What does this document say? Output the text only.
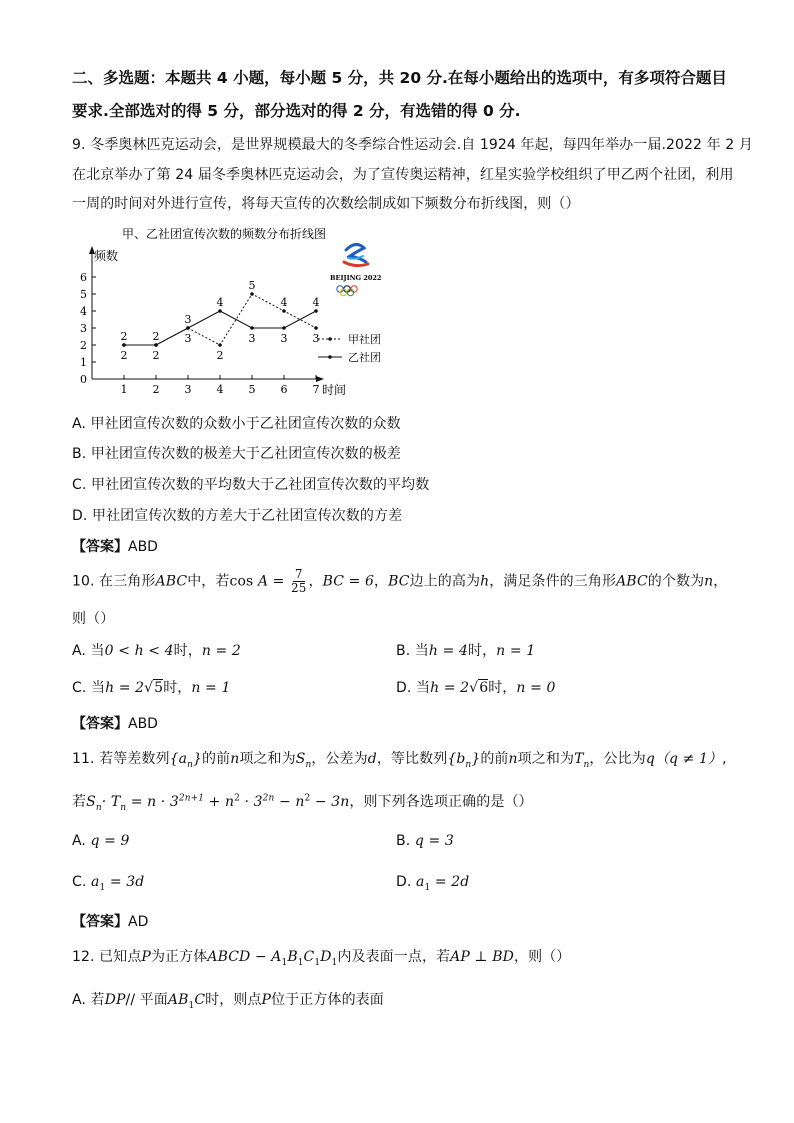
二、多选题：本题共 4 小题，每小题 5 分，共 20 分.在每小题给出的选项中，有多项符合题目
要求.全部选对的得 5 分，部分选对的得 2 分，有选错的得 0 分.
9. 冬季奥林匹克运动会，是世界规模最大的冬季综合性运动会.自 1924 年起，每四年举办一届.2022 年 2 月
在北京举办了第 24 届冬季奥林匹克运动会，为了宣传奥运精神，红星实验学校组织了甲乙两个社团，利用
一周的时间对外进行宣传，将每天宣传的次数绘制成如下频数分布折线图，则（）
甲、乙社团宣传次数的频数分布折线图
频数
时间
0
1
2
3
4
5
6
1 2 3 4 5 6 7
2 2 3
2
5
4
3
2 2
3
4
3 3
4
甲社团
乙社团
BEIJING 2022
A. 甲社团宣传次数的众数小于乙社团宣传次数的众数
B. 甲社团宣传次数的极差大于乙社团宣传次数的极差
C. 甲社团宣传次数的平均数大于乙社团宣传次数的平均数
D. 甲社团宣传次数的方差大于乙社团宣传次数的方差
【答案】ABD
10. 在三角形ABC中，若$\cos A = \frac{7}{25}$ ，BC = 6，BC边上的高为h，满足条件的三角形ABC的个数为n，
则（）
A. 当0 < h < 4时，n = 2	B. 当h = 4时，n = 1
C. 当h = 2√5时，n = 1	D. 当h = 2√6时，n = 0
【答案】ABD
11. 若等差数列$\{a_n\}$的前n项之和为$S_n$，公差为d，等比数列$\{b_n\}$的前n项之和为$T_n$，公比为q（q ≠ 1）,
若$S_n\cdot T_n = n \cdot 3^{2n+1} + n^2 \cdot 3^{2n} - n^2 - 3n$，则下列各选项正确的是（）
A. q = 9	B. q = 3
C. $a_1 = 3d$	D. $a_1 = 2d$
【答案】AD
12. 已知点P为正方体ABCD − $A_1B_1C_1D_1$内及表面一点，若AP ⊥ BD，则（）
A. 若DP// 平面$AB_1C$时，则点P位于正方体的表面
